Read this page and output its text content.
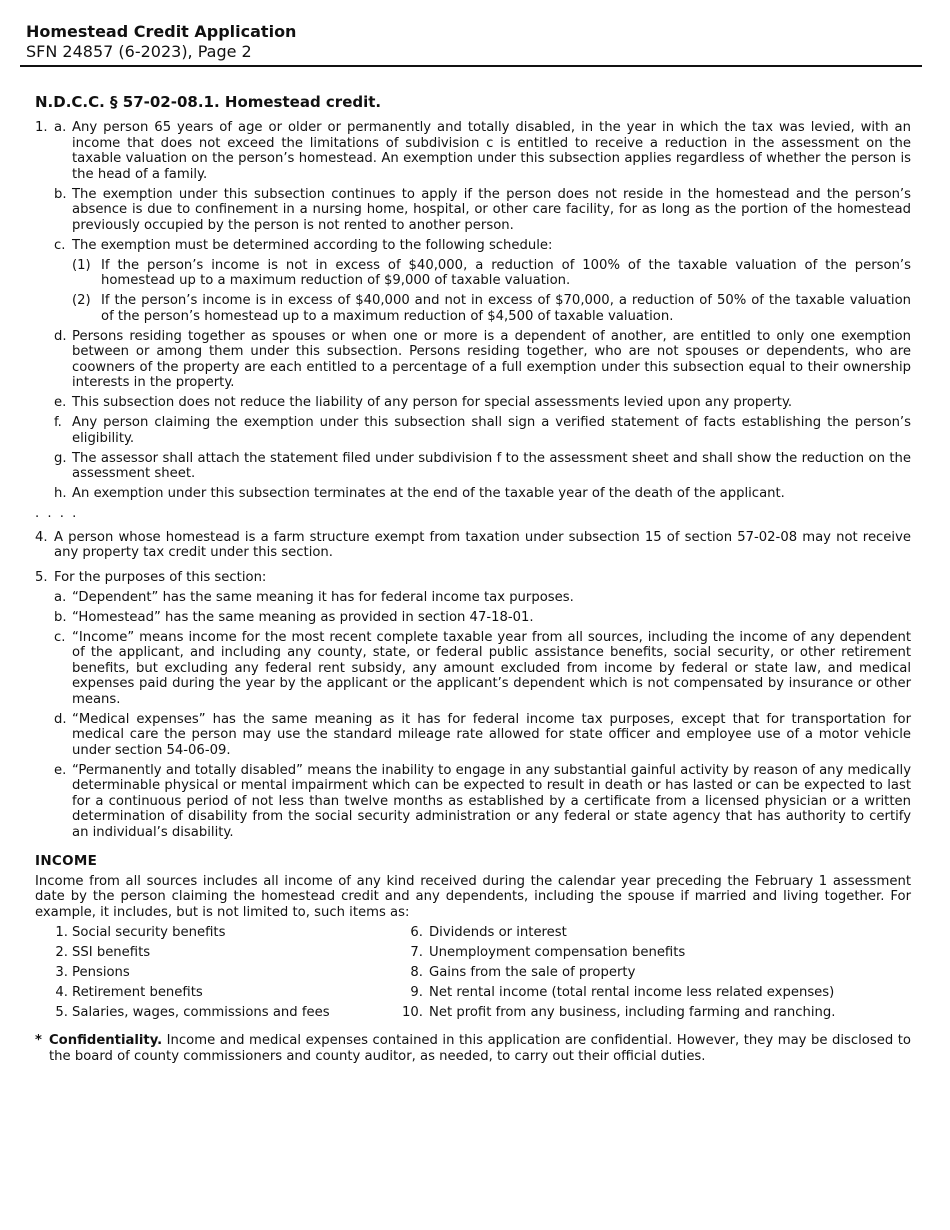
Homestead Credit Application
SFN 24857 (6-2023), Page 2
N.D.C.C. § 57-02-08.1. Homestead credit.
1. a. Any person 65 years of age or older or permanently and totally disabled, in the year in which the tax was levied, with an income that does not exceed the limitations of subdivision c is entitled to receive a reduction in the assessment on the taxable valuation on the person’s homestead. An exemption under this subsection applies regardless of whether the person is the head of a family.
b. The exemption under this subsection continues to apply if the person does not reside in the homestead and the person’s absence is due to confinement in a nursing home, hospital, or other care facility, for as long as the portion of the homestead previously occupied by the person is not rented to another person.
c. The exemption must be determined according to the following schedule:
(1) If the person’s income is not in excess of $40,000, a reduction of 100% of the taxable valuation of the person’s homestead up to a maximum reduction of $9,000 of taxable valuation.
(2) If the person’s income is in excess of $40,000 and not in excess of $70,000, a reduction of 50% of the taxable valuation of the person’s homestead up to a maximum reduction of $4,500 of taxable valuation.
d. Persons residing together as spouses or when one or more is a dependent of another, are entitled to only one exemption between or among them under this subsection. Persons residing together, who are not spouses or dependents, who are coowners of the property are each entitled to a percentage of a full exemption under this subsection equal to their ownership interests in the property.
e. This subsection does not reduce the liability of any person for special assessments levied upon any property.
f. Any person claiming the exemption under this subsection shall sign a verified statement of facts establishing the person’s eligibility.
g. The assessor shall attach the statement filed under subdivision f to the assessment sheet and shall show the reduction on the assessment sheet.
h. An exemption under this subsection terminates at the end of the taxable year of the death of the applicant.
. . . .
4. A person whose homestead is a farm structure exempt from taxation under subsection 15 of section 57-02-08 may not receive any property tax credit under this section.
5. For the purposes of this section:
a. “Dependent” has the same meaning it has for federal income tax purposes.
b. “Homestead” has the same meaning as provided in section 47-18-01.
c. “Income” means income for the most recent complete taxable year from all sources, including the income of any dependent of the applicant, and including any county, state, or federal public assistance benefits, social security, or other retirement benefits, but excluding any federal rent subsidy, any amount excluded from income by federal or state law, and medical expenses paid during the year by the applicant or the applicant’s dependent which is not compensated by insurance or other means.
d. “Medical expenses” has the same meaning as it has for federal income tax purposes, except that for transportation for medical care the person may use the standard mileage rate allowed for state officer and employee use of a motor vehicle under section 54-06-09.
e. “Permanently and totally disabled” means the inability to engage in any substantial gainful activity by reason of any medically determinable physical or mental impairment which can be expected to result in death or has lasted or can be expected to last for a continuous period of not less than twelve months as established by a certificate from a licensed physician or a written determination of disability from the social security administration or any federal or state agency that has authority to certify an individual’s disability.
INCOME
Income from all sources includes all income of any kind received during the calendar year preceding the February 1 assessment date by the person claiming the homestead credit and any dependents, including the spouse if married and living together. For example, it includes, but is not limited to, such items as:
1. Social security benefits
2. SSI benefits
3. Pensions
4. Retirement benefits
5. Salaries, wages, commissions and fees
6. Dividends or interest
7. Unemployment compensation benefits
8. Gains from the sale of property
9. Net rental income (total rental income less related expenses)
10. Net profit from any business, including farming and ranching.
* Confidentiality. Income and medical expenses contained in this application are confidential. However, they may be disclosed to the board of county commissioners and county auditor, as needed, to carry out their official duties.
